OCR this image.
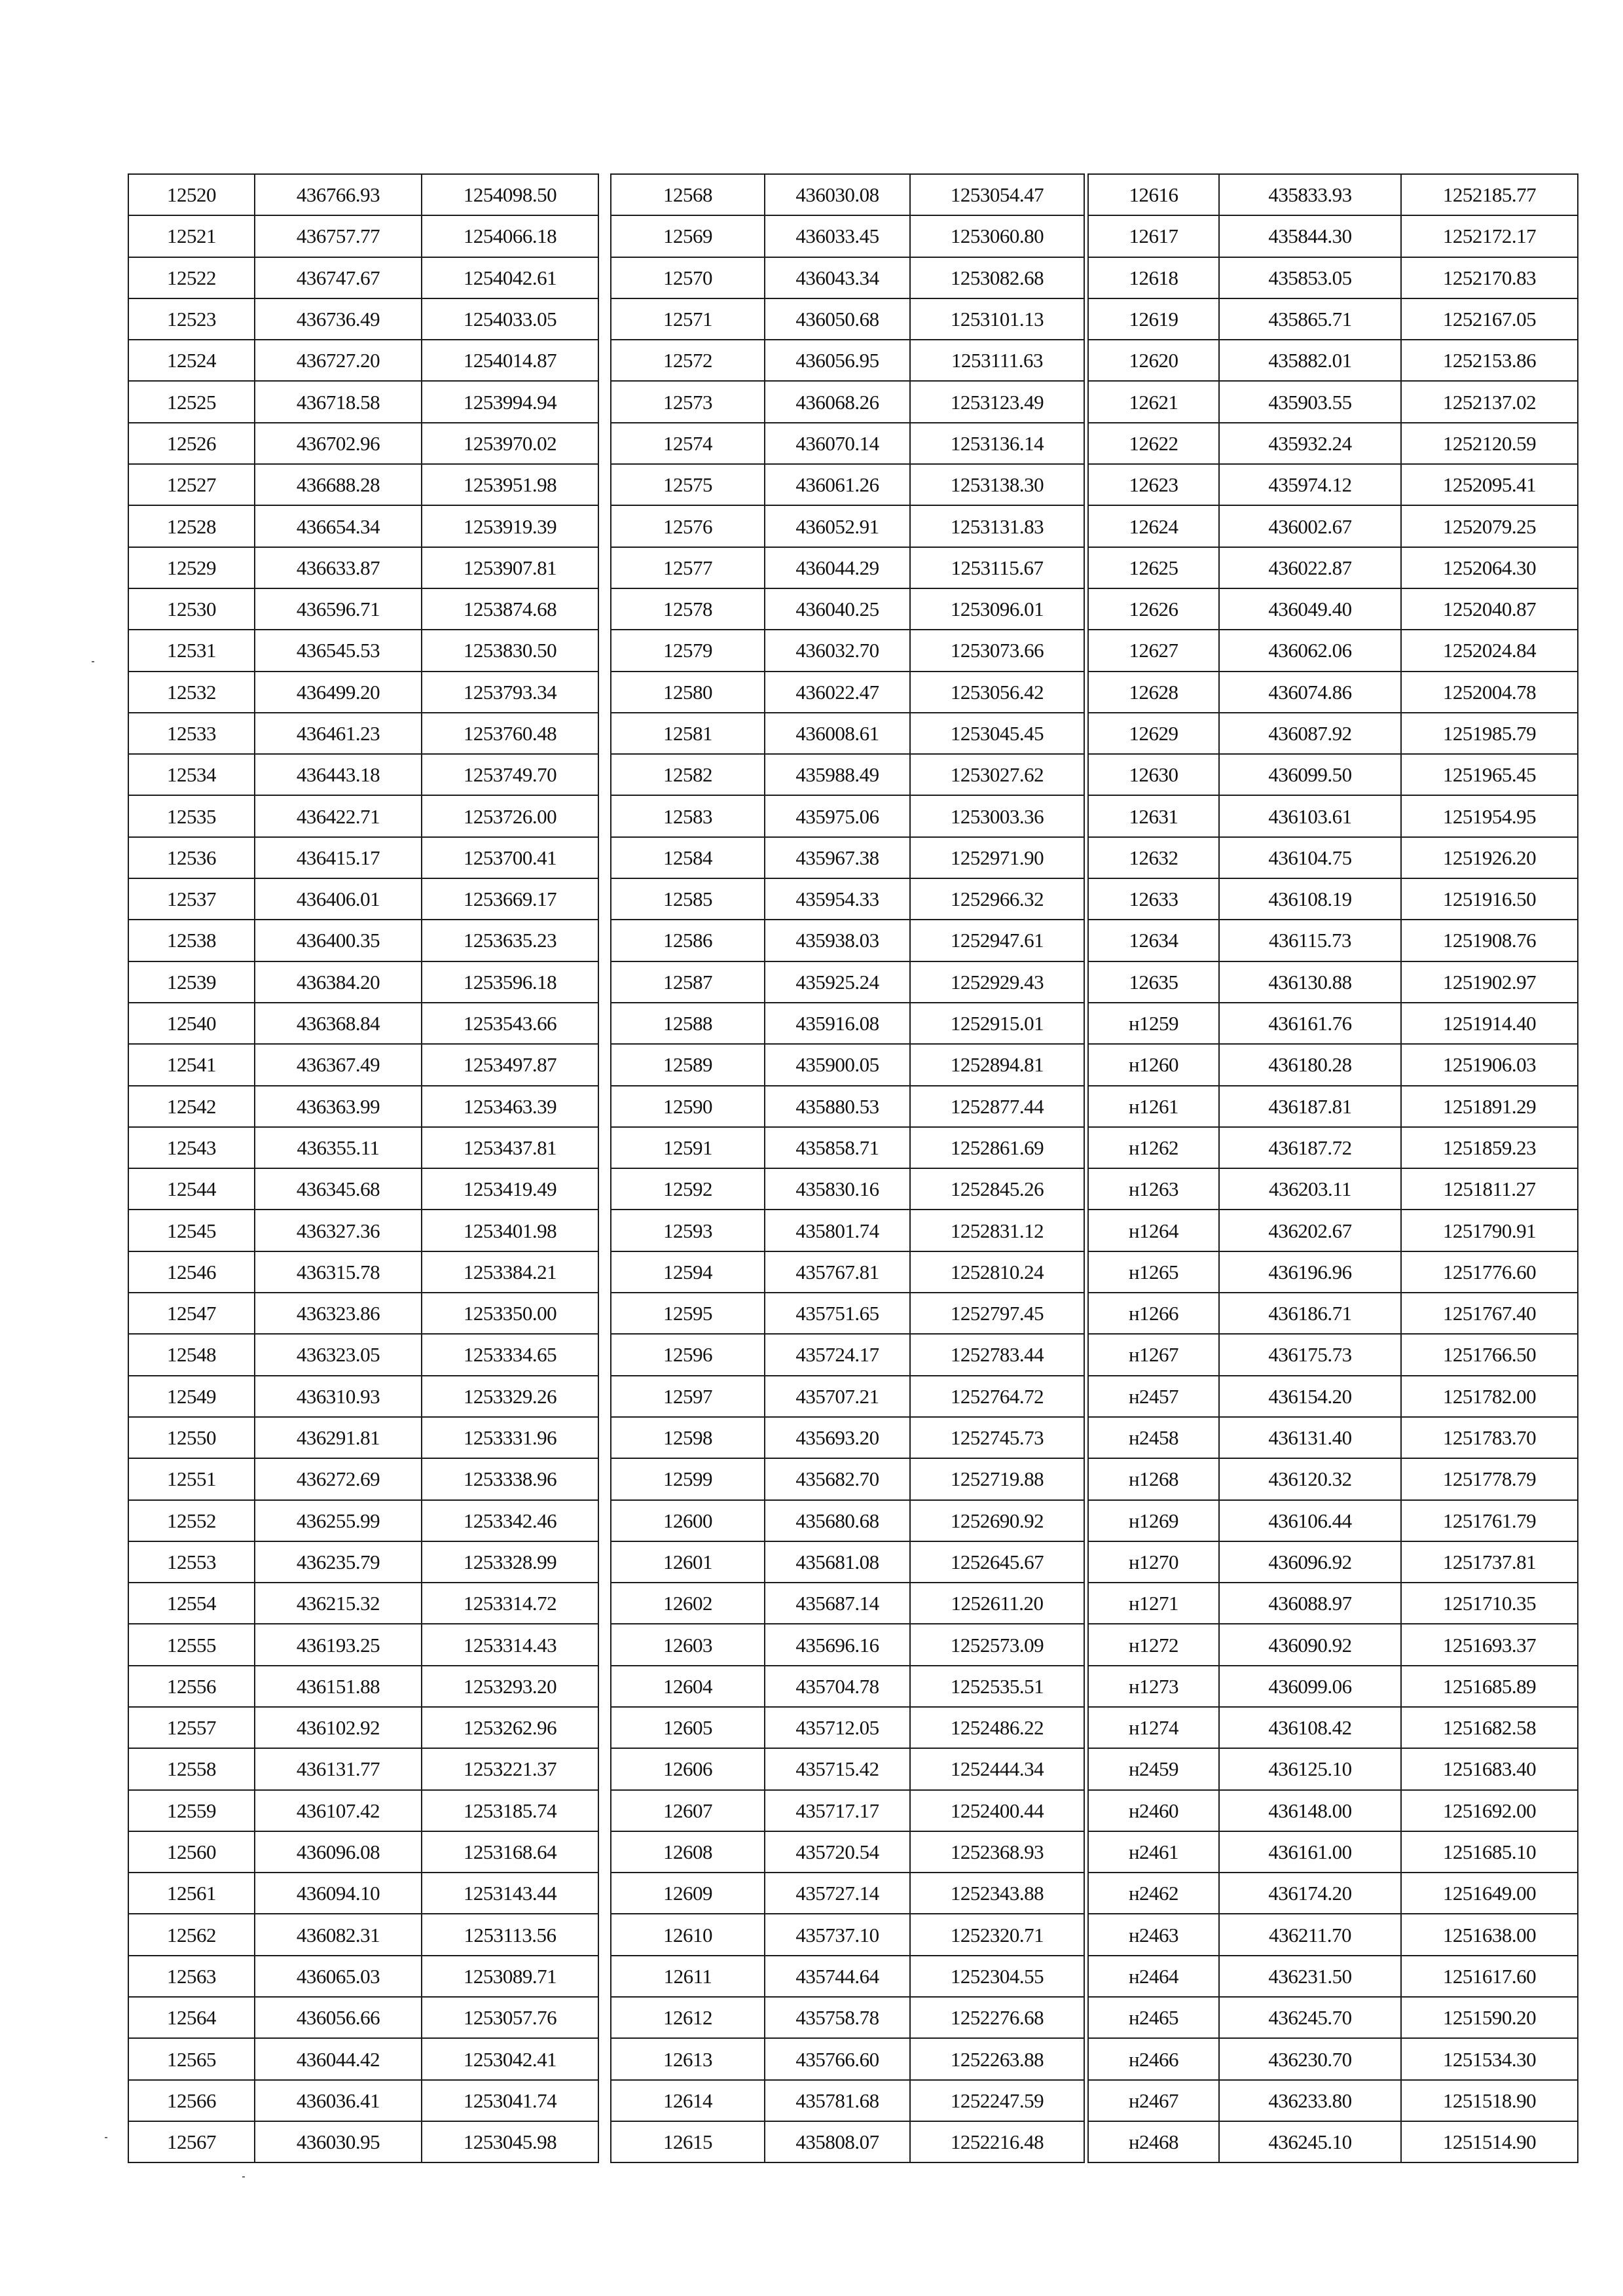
12520	436766.93	1254098.50
12521	436757.77	1254066.18
12522	436747.67	1254042.61
12523	436736.49	1254033.05
12524	436727.20	1254014.87
12525	436718.58	1253994.94
12526	436702.96	1253970.02
12527	436688.28	1253951.98
12528	436654.34	1253919.39
12529	436633.87	1253907.81
12530	436596.71	1253874.68
12531	436545.53	1253830.50
12532	436499.20	1253793.34
12533	436461.23	1253760.48
12534	436443.18	1253749.70
12535	436422.71	1253726.00
12536	436415.17	1253700.41
12537	436406.01	1253669.17
12538	436400.35	1253635.23
12539	436384.20	1253596.18
12540	436368.84	1253543.66
12541	436367.49	1253497.87
12542	436363.99	1253463.39
12543	436355.11	1253437.81
12544	436345.68	1253419.49
12545	436327.36	1253401.98
12546	436315.78	1253384.21
12547	436323.86	1253350.00
12548	436323.05	1253334.65
12549	436310.93	1253329.26
12550	436291.81	1253331.96
12551	436272.69	1253338.96
12552	436255.99	1253342.46
12553	436235.79	1253328.99
12554	436215.32	1253314.72
12555	436193.25	1253314.43
12556	436151.88	1253293.20
12557	436102.92	1253262.96
12558	436131.77	1253221.37
12559	436107.42	1253185.74
12560	436096.08	1253168.64
12561	436094.10	1253143.44
12562	436082.31	1253113.56
12563	436065.03	1253089.71
12564	436056.66	1253057.76
12565	436044.42	1253042.41
12566	436036.41	1253041.74
12567	436030.95	1253045.98
12568	436030.08	1253054.47
12569	436033.45	1253060.80
12570	436043.34	1253082.68
12571	436050.68	1253101.13
12572	436056.95	1253111.63
12573	436068.26	1253123.49
12574	436070.14	1253136.14
12575	436061.26	1253138.30
12576	436052.91	1253131.83
12577	436044.29	1253115.67
12578	436040.25	1253096.01
12579	436032.70	1253073.66
12580	436022.47	1253056.42
12581	436008.61	1253045.45
12582	435988.49	1253027.62
12583	435975.06	1253003.36
12584	435967.38	1252971.90
12585	435954.33	1252966.32
12586	435938.03	1252947.61
12587	435925.24	1252929.43
12588	435916.08	1252915.01
12589	435900.05	1252894.81
12590	435880.53	1252877.44
12591	435858.71	1252861.69
12592	435830.16	1252845.26
12593	435801.74	1252831.12
12594	435767.81	1252810.24
12595	435751.65	1252797.45
12596	435724.17	1252783.44
12597	435707.21	1252764.72
12598	435693.20	1252745.73
12599	435682.70	1252719.88
12600	435680.68	1252690.92
12601	435681.08	1252645.67
12602	435687.14	1252611.20
12603	435696.16	1252573.09
12604	435704.78	1252535.51
12605	435712.05	1252486.22
12606	435715.42	1252444.34
12607	435717.17	1252400.44
12608	435720.54	1252368.93
12609	435727.14	1252343.88
12610	435737.10	1252320.71
12611	435744.64	1252304.55
12612	435758.78	1252276.68
12613	435766.60	1252263.88
12614	435781.68	1252247.59
12615	435808.07	1252216.48
12616	435833.93	1252185.77
12617	435844.30	1252172.17
12618	435853.05	1252170.83
12619	435865.71	1252167.05
12620	435882.01	1252153.86
12621	435903.55	1252137.02
12622	435932.24	1252120.59
12623	435974.12	1252095.41
12624	436002.67	1252079.25
12625	436022.87	1252064.30
12626	436049.40	1252040.87
12627	436062.06	1252024.84
12628	436074.86	1252004.78
12629	436087.92	1251985.79
12630	436099.50	1251965.45
12631	436103.61	1251954.95
12632	436104.75	1251926.20
12633	436108.19	1251916.50
12634	436115.73	1251908.76
12635	436130.88	1251902.97
н1259	436161.76	1251914.40
н1260	436180.28	1251906.03
н1261	436187.81	1251891.29
н1262	436187.72	1251859.23
н1263	436203.11	1251811.27
н1264	436202.67	1251790.91
н1265	436196.96	1251776.60
н1266	436186.71	1251767.40
н1267	436175.73	1251766.50
н2457	436154.20	1251782.00
н2458	436131.40	1251783.70
н1268	436120.32	1251778.79
н1269	436106.44	1251761.79
н1270	436096.92	1251737.81
н1271	436088.97	1251710.35
н1272	436090.92	1251693.37
н1273	436099.06	1251685.89
н1274	436108.42	1251682.58
н2459	436125.10	1251683.40
н2460	436148.00	1251692.00
н2461	436161.00	1251685.10
н2462	436174.20	1251649.00
н2463	436211.70	1251638.00
н2464	436231.50	1251617.60
н2465	436245.70	1251590.20
н2466	436230.70	1251534.30
н2467	436233.80	1251518.90
н2468	436245.10	1251514.90
